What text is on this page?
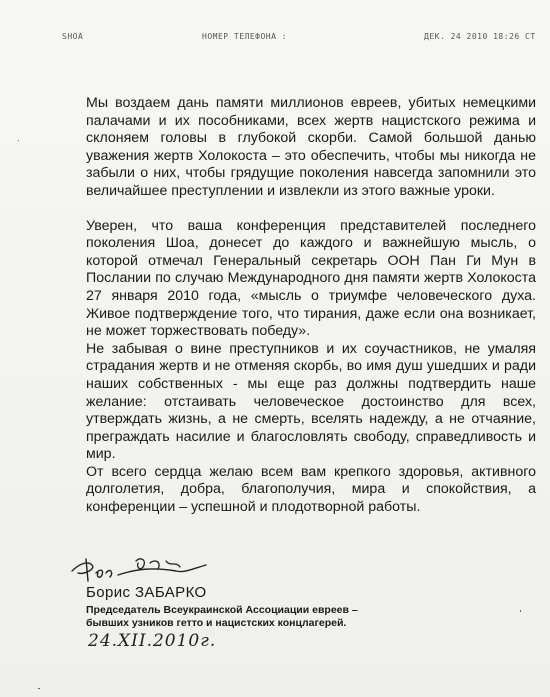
SHOA	НОМЕР ТЕЛЕФОНА :	ДЕК. 24 2010 18:26 СТ

Мы воздаем дань памяти миллионов евреев, убитых немецкими палачами и их пособниками, всех жертв нацистского режима и склоняем головы в глубокой скорби. Самой большой данью уважения жертв Холокоста – это обеспечить, чтобы мы никогда не забыли о них, чтобы грядущие поколения навсегда запомнили это величайшее преступлении и извлекли из этого важные уроки.

Уверен, что ваша конференция представителей последнего поколения Шоа, донесет до каждого и важнейшую мысль, о которой отмечал Генеральный секретарь ООН Пан Ги Мун в Послании по случаю Международного дня памяти жертв Холокоста 27 января 2010 года, «мысль о триумфе человеческого духа. Живое подтверждение того, что тирания, даже если она возникает, не может торжествовать победу».

Не забывая о вине преступников и их соучастников, не умаляя страдания жертв и не отменяя скорбь, во имя душ ушедших и ради наших собственных - мы еще раз должны подтвердить наше желание: отстаивать человеческое достоинство для всех, утверждать жизнь, а не смерть, вселять надежду, а не отчаяние, преграждать насилие и благословлять свободу, справедливость и мир.

От всего сердца желаю всем вам крепкого здоровья, активного долголетия, добра, благополучия, мира и спокойствия, а конференции – успешной и плодотворной работы.

Борис ЗАБАРКО
Председатель Всеукраинской Ассоциации евреев – бывших узников гетто и нацистских концлагерей.
24.XII.2010г.
